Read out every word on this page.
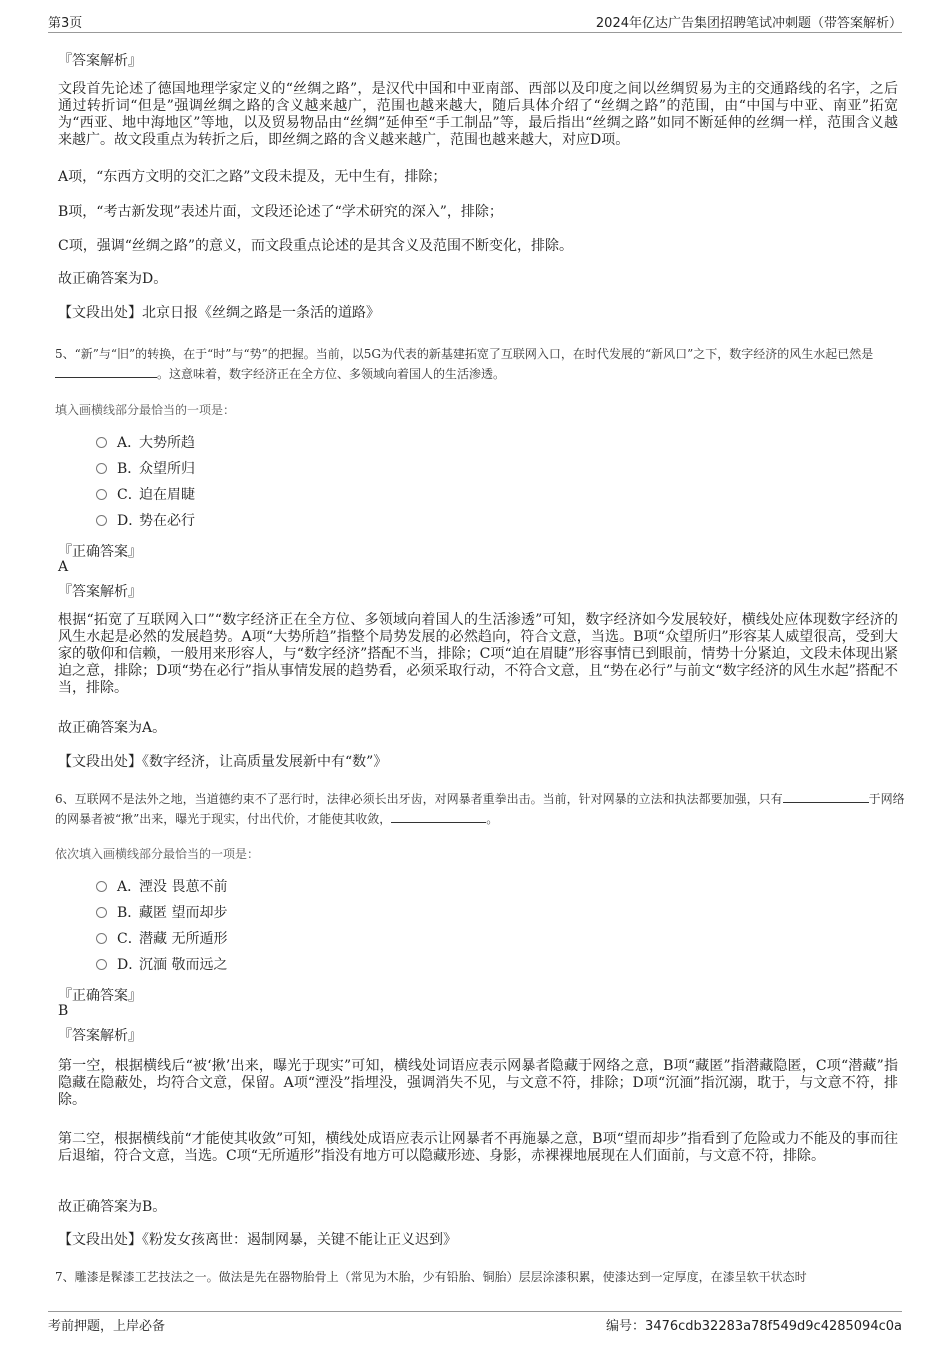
第3页	2024年亿达广告集团招聘笔试冲刺题（带答案解析）
『答案解析』

文段首先论述了德国地理学家定义的“丝绸之路”，是汉代中国和中亚南部、西部以及印度之间以丝绸贸易为主的交通路线的名字，之后通过转折词“但是”强调丝绸之路的含义越来越广，范围也越来越大，随后具体介绍了“丝绸之路”的范围，由“中国与中亚、南亚”拓宽为“西亚、地中海地区”等地，以及贸易物品由“丝绸”延伸至“手工制品”等，最后指出“丝绸之路”如同不断延伸的丝绸一样，范围含义越来越广。故文段重点为转折之后，即丝绸之路的含义越来越广，范围也越来越大，对应D项。

A项，“东西方文明的交汇之路”文段未提及，无中生有，排除；

B项，“考古新发现”表述片面，文段还论述了“学术研究的深入”，排除；

C项，强调“丝绸之路”的意义，而文段重点论述的是其含义及范围不断变化，排除。

故正确答案为D。

【文段出处】北京日报《丝绸之路是一条活的道路》

5、“新”与“旧”的转换，在于“时”与“势”的把握。当前，以5G为代表的新基建拓宽了互联网入口，在时代发展的“新风口”之下，数字经济的风生水起已然是。这意味着，数字经济正在全方位、多领域向着国人的生活渗透。

填入画横线部分最恰当的一项是：

A．大势所趋
B．众望所归
C．迫在眉睫
D．势在必行
『正确答案』
A
『答案解析』

根据“拓宽了互联网入口”“数字经济正在全方位、多领域向着国人的生活渗透”可知，数字经济如今发展较好，横线处应体现数字经济的风生水起是必然的发展趋势。A项“大势所趋”指整个局势发展的必然趋向，符合文意，当选。B项“众望所归”形容某人威望很高，受到大家的敬仰和信赖，一般用来形容人，与“数字经济”搭配不当，排除；C项“迫在眉睫”形容事情已到眼前，情势十分紧迫，文段未体现出紧迫之意，排除；D项“势在必行”指从事情发展的趋势看，必须采取行动，不符合文意，且“势在必行”与前文“数字经济的风生水起”搭配不当，排除。

故正确答案为A。

【文段出处】《数字经济，让高质量发展新中有“数”》

6、互联网不是法外之地，当道德约束不了恶行时，法律必须长出牙齿，对网暴者重拳出击。当前，针对网暴的立法和执法都要加强，只有	于网络的网暴者被“揪”出来，曝光于现实，付出代价，才能使其收敛，	。

依次填入画横线部分最恰当的一项是：

A．湮没 畏葸不前
B．藏匿 望而却步
C．潜藏 无所遁形
D．沉湎 敬而远之
『正确答案』
B
『答案解析』

第一空，根据横线后“被‘揪’出来，曝光于现实”可知，横线处词语应表示网暴者隐藏于网络之意，B项“藏匿”指潜藏隐匿，C项“潜藏”指隐藏在隐蔽处，均符合文意，保留。A项“湮没”指埋没，强调消失不见，与文意不符，排除；D项“沉湎”指沉溺，耽于，与文意不符，排除。

第二空，根据横线前“才能使其收敛”可知，横线处成语应表示让网暴者不再施暴之意，B项“望而却步”指看到了危险或力不能及的事而往后退缩，符合文意，当选。C项“无所遁形”指没有地方可以隐藏形迹、身影，赤裸裸地展现在人们面前，与文意不符，排除。

故正确答案为B。

【文段出处】《粉发女孩离世：遏制网暴，关键不能让正义迟到》

7、雕漆是髹漆工艺技法之一。做法是先在器物胎骨上（常见为木胎，少有铅胎、铜胎）层层涂漆积累，使漆达到一定厚度，在漆呈软干状态时

考前押题，上岸必备	编号：3476cdb32283a78f549d9c4285094c0a
